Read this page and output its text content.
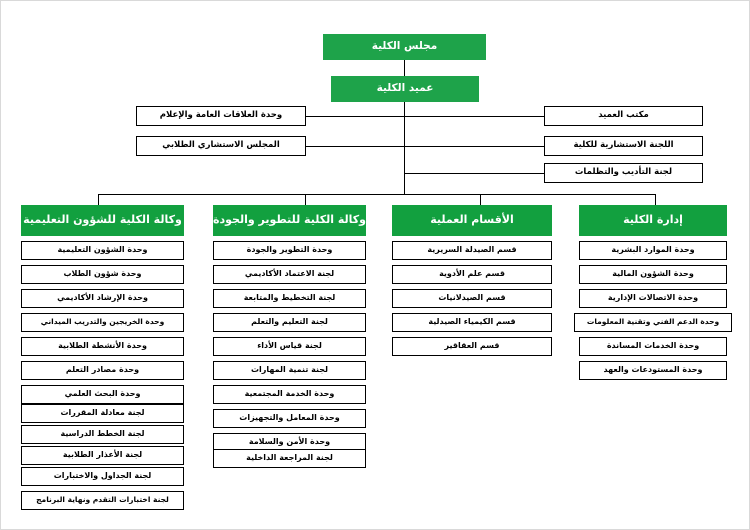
مجلس الكلية
عميد الكلية
وحدة العلاقات العامة والإعلام
المجلس الاستشاري الطلابي
مكتب العميد
اللجنة الاستشارية للكلية
لجنة التأديب والتظلمات
إدارة الكلية
وحدة الموارد البشرية
وحدة الشؤون المالية
وحدة الاتصالات الإدارية
وحدة الدعم الفني وتقنية المعلومات
وحدة الخدمات المساندة
وحدة المستودعات والعهد
الأقسام العملية
قسم الصيدلة السريرية
قسم علم الأدوية
قسم الصيدلانيات
قسم الكيمياء الصيدلية
قسم العقاقير
وكالة الكلية للتطوير والجودة
وحدة التطوير والجودة
لجنة الاعتماد الأكاديمي
لجنة التخطيط والمتابعة
لجنة التعليم والتعلم
لجنة قياس الأداء
لجنة تنمية المهارات
وحدة الخدمة المجتمعية
وحدة المعامل والتجهيزات
وحدة الأمن والسلامة
لجنة المراجعة الداخلية
وكالة الكلية للشؤون التعليمية
وحدة الشؤون التعليمية
وحدة شؤون الطلاب
وحدة الإرشاد الأكاديمي
وحدة الخريجين والتدريب الميداني
وحدة الأنشطة الطلابية
وحدة مصادر التعلم
وحدة البحث العلمي
لجنة معادلة المقررات
لجنة الخطط الدراسية
لجنة الأعذار الطلابية
لجنة الجداول والاختبارات
لجنة اختبارات التقدم ونهاية البرنامج
